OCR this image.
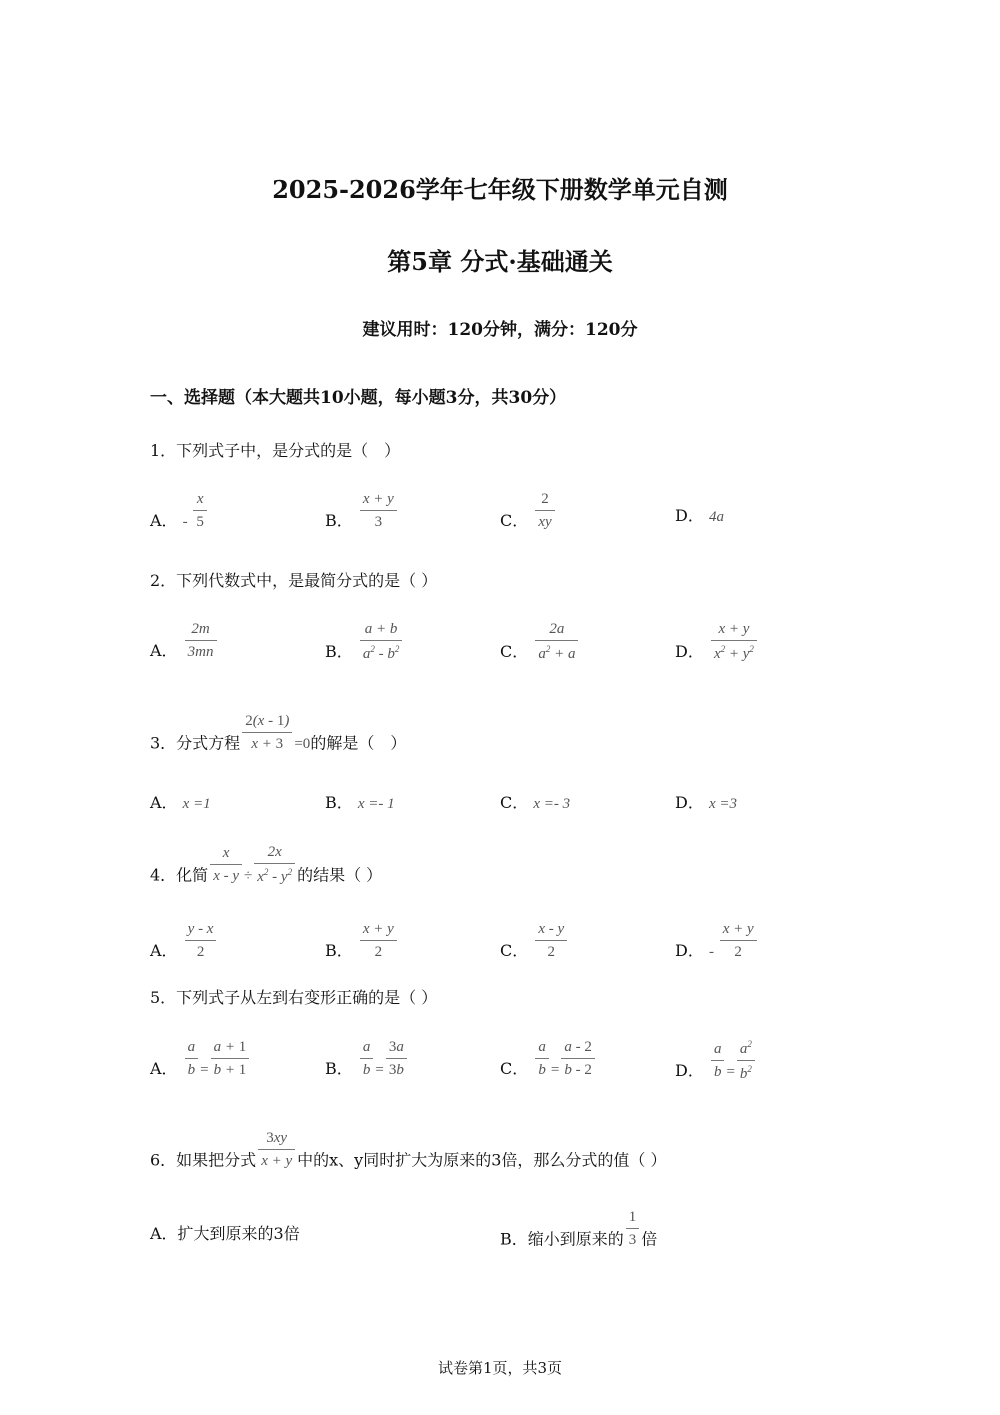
2025-2026学年七年级下册数学单元自测
第5章 分式·基础通关
建议用时：120分钟，满分：120分
一、选择题（本大题共10小题，每小题3分，共30分）
1．下列式子中，是分式的是（　）
A． - $\frac{x}{5}$	B． $\frac{x + y}{3}$	C． $\frac{2}{xy}$	D． 4a
2．下列代数式中，是最简分式的是（ ）
A． $\frac{2m}{3mn}$	B． $\frac{a + b}{a^2 - b^2}$	C． $\frac{2a}{a^2 + a}$	D． $\frac{x + y}{x^2 + y^2}$
3．分式方程 $\frac{2(x - 1)}{x + 3} =0$的解是（　）
A． x =1	B． x =- 1	C． x =- 3	D． x =3
4．化简 $\frac{x}{x - y} \div \frac{2x}{x^2 - y^2}$ 的结果（ ）
A． $\frac{y - x}{2}$	B． $\frac{x + y}{2}$	C． $\frac{x - y}{2}$	D． - $\frac{x + y}{2}$
5．下列式子从左到右变形正确的是（ ）
A． $\frac{a}{b} = \frac{a + 1}{b + 1}$	B． $\frac{a}{b} = \frac{3a}{3b}$	C． $\frac{a}{b} = \frac{a - 2}{b - 2}$	D． $\frac{a}{b} = \frac{a^2}{b^2}$
6．如果把分式 $\frac{3xy}{x + y}$ 中的x、y同时扩大为原来的3倍，那么分式的值（ ）
A．扩大到原来的3倍	B．缩小到原来的 $\frac{1}{3}$ 倍
试卷第1页，共3页
